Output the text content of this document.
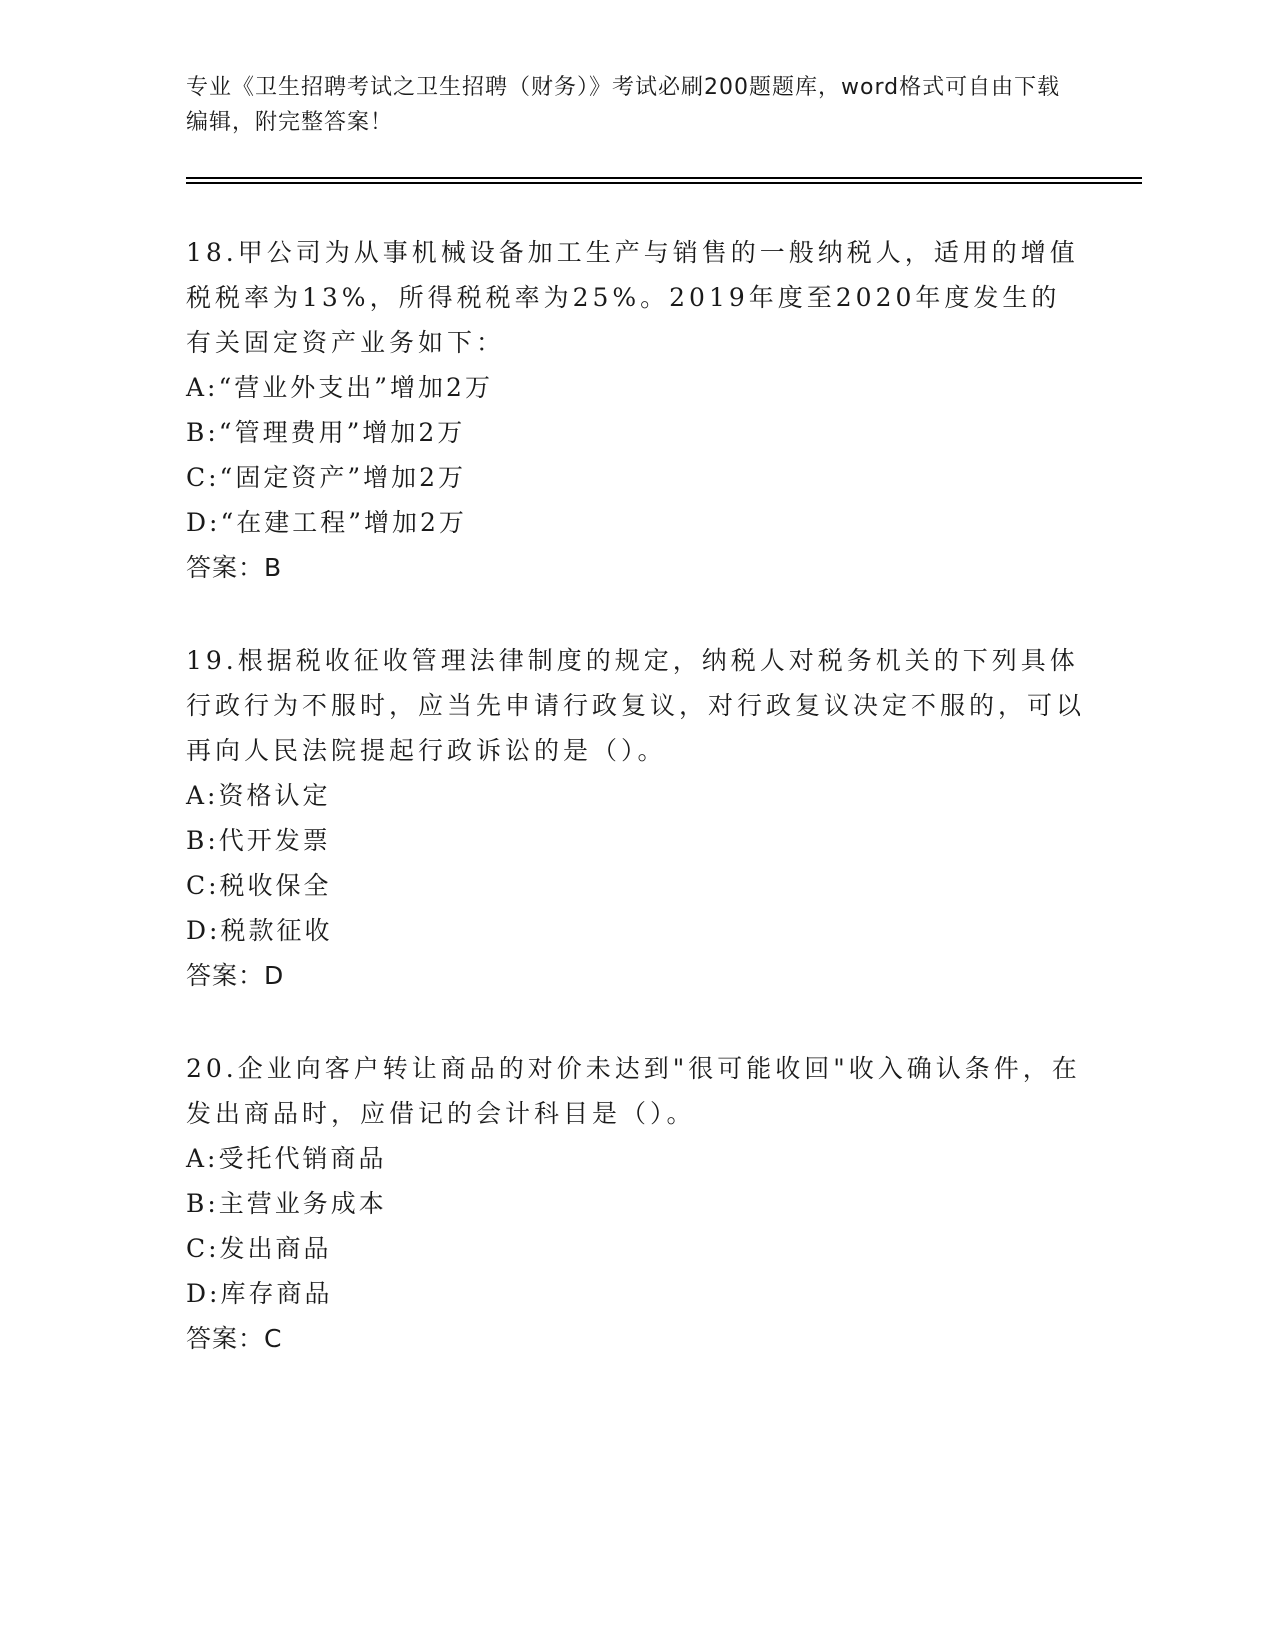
专业《卫生招聘考试之卫生招聘（财务）》考试必刷200题题库，word格式可自由下载编辑，附完整答案！
18.甲公司为从事机械设备加工生产与销售的一般纳税人，适用的增值税税率为13%，所得税税率为25%。2019年度至2020年度发生的有关固定资产业务如下：
A:“营业外支出”增加2万
B:“管理费用”增加2万
C:“固定资产”增加2万
D:“在建工程”增加2万
答案：B
19.根据税收征收管理法律制度的规定，纳税人对税务机关的下列具体行政行为不服时，应当先申请行政复议，对行政复议决定不服的，可以再向人民法院提起行政诉讼的是（）。
A:资格认定
B:代开发票
C:税收保全
D:税款征收
答案：D
20.企业向客户转让商品的对价未达到"很可能收回"收入确认条件，在发出商品时，应借记的会计科目是（）。
A:受托代销商品
B:主营业务成本
C:发出商品
D:库存商品
答案：C
